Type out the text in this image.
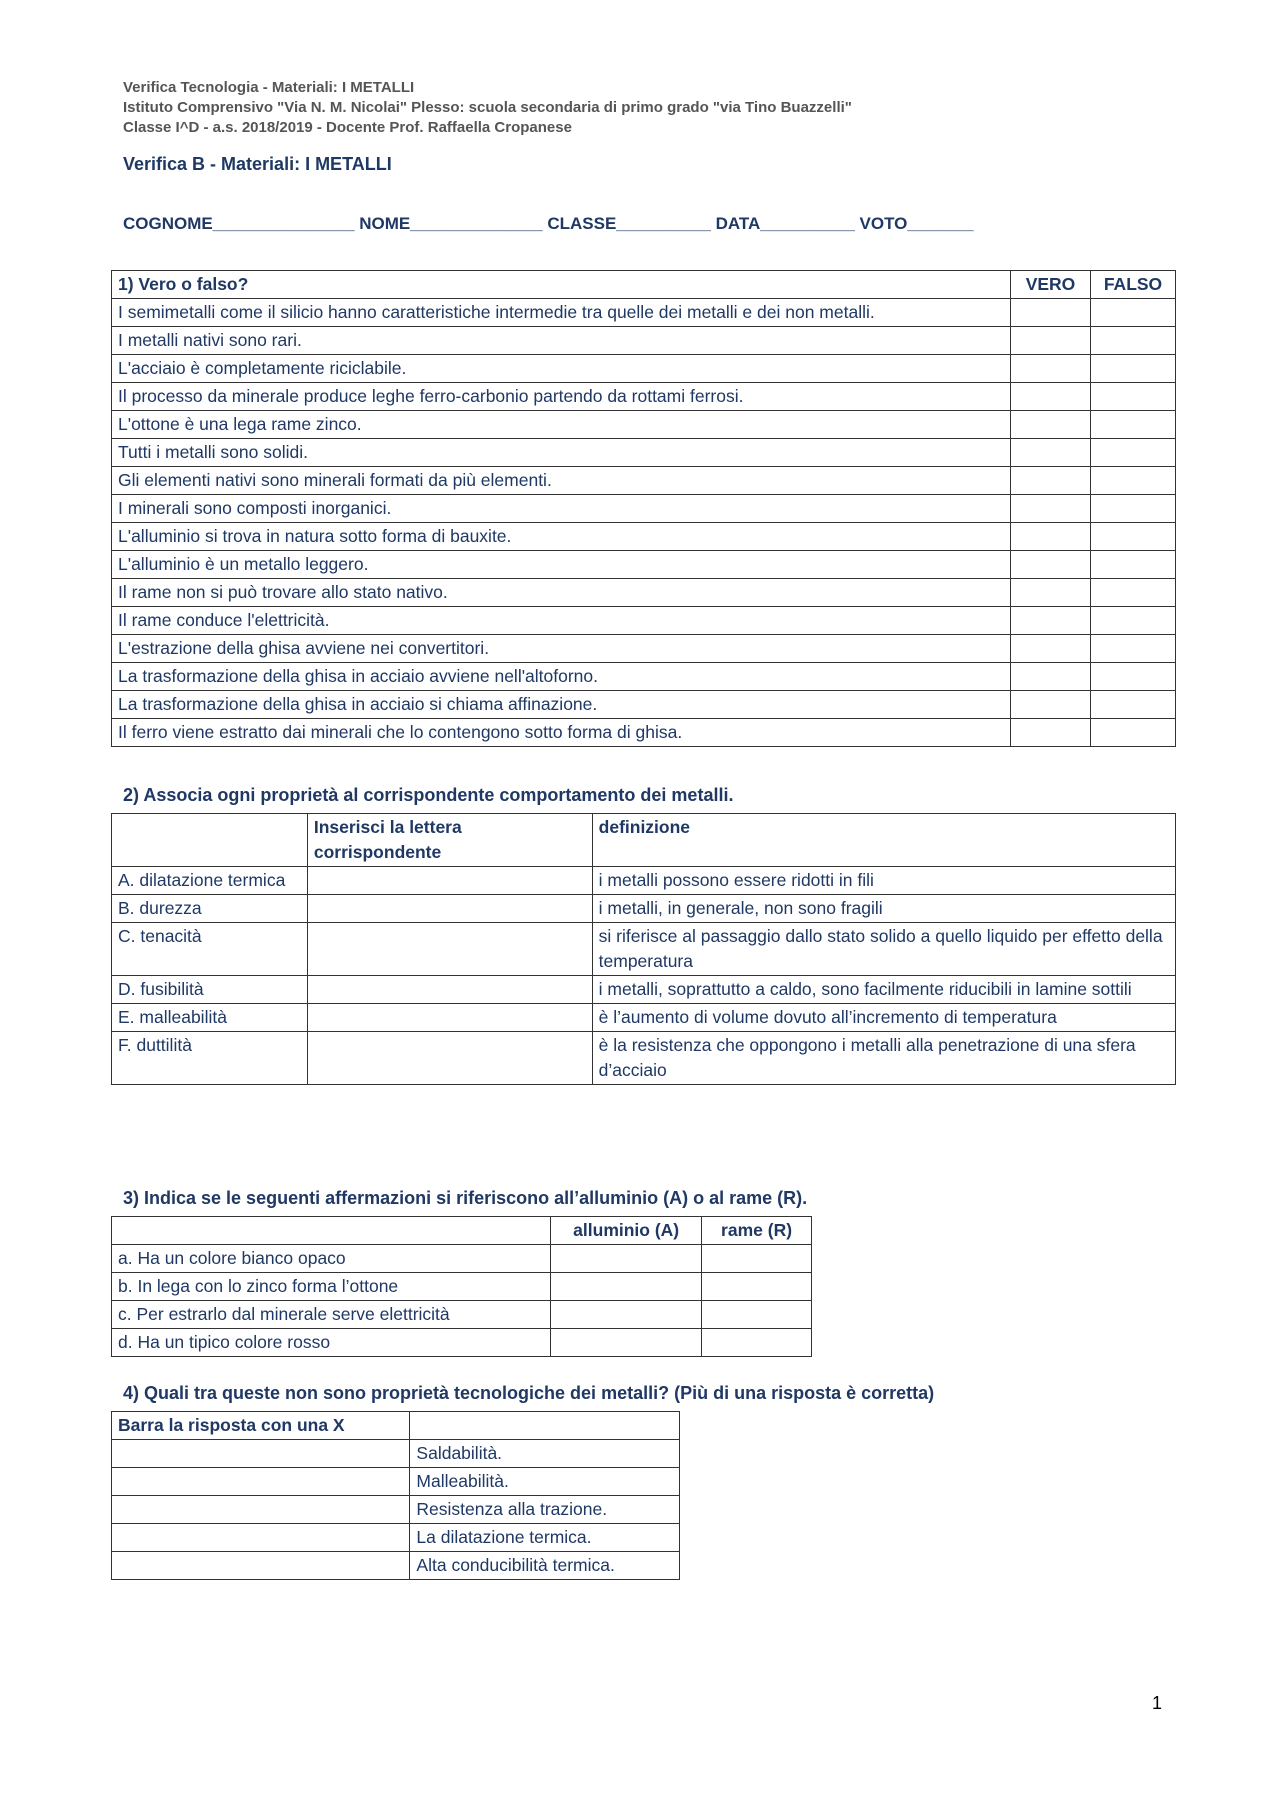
Verifica Tecnologia - Materiali: I METALLI
Istituto Comprensivo "Via N. M. Nicolai" Plesso: scuola secondaria di primo grado "via Tino Buazzelli"
Classe I^D - a.s. 2018/2019 - Docente Prof. Raffaella Cropanese
Verifica B - Materiali: I METALLI
COGNOME_______________ NOME______________ CLASSE__________ DATA__________ VOTO_______
1) Vero o falso?	VERO	FALSO
I semimetalli come il silicio hanno caratteristiche intermedie tra quelle dei metalli e dei non metalli.		
I metalli nativi sono rari.		
L'acciaio è completamente riciclabile.		
Il processo da minerale produce leghe ferro-carbonio partendo da rottami ferrosi.		
L'ottone è una lega rame zinco.		
Tutti i metalli sono solidi.		
Gli elementi nativi sono minerali formati da più elementi.		
I minerali sono composti inorganici.		
L'alluminio si trova in natura sotto forma di bauxite.		
L'alluminio è un metallo leggero.		
Il rame non si può trovare allo stato nativo.		
Il rame conduce l'elettricità.		
L'estrazione della ghisa avviene nei convertitori.		
La trasformazione della ghisa in acciaio avviene nell'altoforno.		
La trasformazione della ghisa in acciaio si chiama affinazione.		
Il ferro viene estratto dai minerali che lo contengono sotto forma di ghisa.		
2) Associa ogni proprietà al corrispondente comportamento dei metalli.
	Inserisci la lettera corrispondente	definizione
A. dilatazione termica		i metalli possono essere ridotti in fili
B. durezza		i metalli, in generale, non sono fragili
C. tenacità		si riferisce al passaggio dallo stato solido a quello liquido per effetto della temperatura
D. fusibilità		i metalli, soprattutto a caldo, sono facilmente riducibili in lamine sottili
E. malleabilità		è l’aumento di volume dovuto all’incremento di temperatura
F. duttilità		è la resistenza che oppongono i metalli alla penetrazione di una sfera d’acciaio
3) Indica se le seguenti affermazioni si riferiscono all’alluminio (A) o al rame (R).
	alluminio (A)	rame (R)
a. Ha un colore bianco opaco		
b. In lega con lo zinco forma l’ottone		
c. Per estrarlo dal minerale serve elettricità		
d. Ha un tipico colore rosso		
4) Quali tra queste non sono proprietà tecnologiche dei metalli? (Più di una risposta è corretta)
Barra la risposta con una X	
	Saldabilità.
	Malleabilità.
	Resistenza alla trazione.
	La dilatazione termica.
	Alta conducibilità termica.
1
